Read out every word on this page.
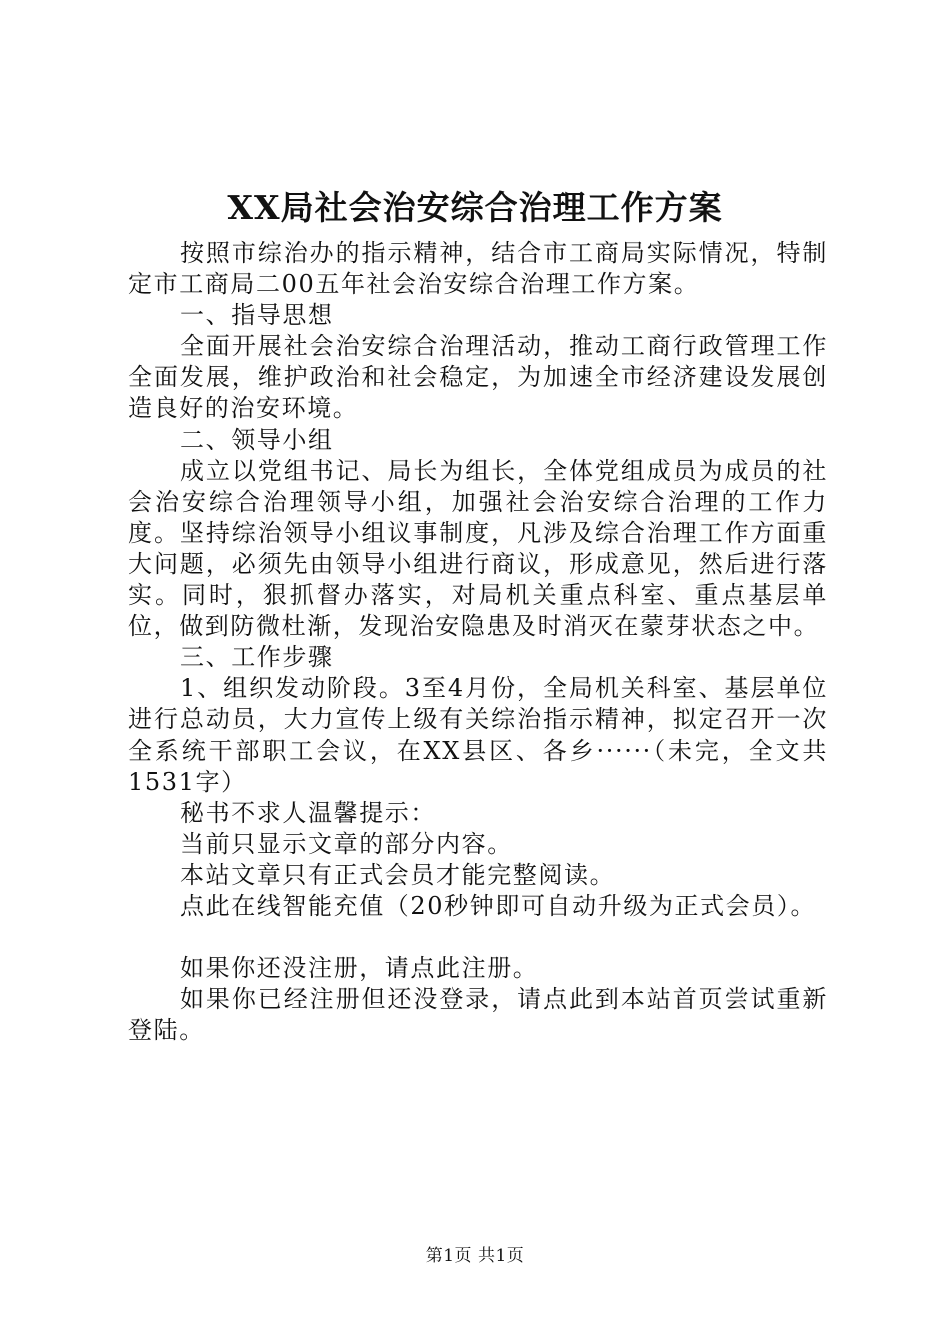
XX局社会治安综合治理工作方案

按照市综治办的指示精神，结合市工商局实际情况，特制定市工商局二00五年社会治安综合治理工作方案。

一、指导思想

全面开展社会治安综合治理活动，推动工商行政管理工作全面发展，维护政治和社会稳定，为加速全市经济建设发展创造良好的治安环境。

二、领导小组

成立以党组书记、局长为组长，全体党组成员为成员的社会治安综合治理领导小组，加强社会治安综合治理的工作力度。坚持综治领导小组议事制度，凡涉及综合治理工作方面重大问题，必须先由领导小组进行商议，形成意见，然后进行落实。同时，狠抓督办落实，对局机关重点科室、重点基层单位，做到防微杜渐，发现治安隐患及时消灭在蒙芽状态之中。

三、工作步骤

1、组织发动阶段。3至4月份，全局机关科室、基层单位进行总动员，大力宣传上级有关综治指示精神，拟定召开一次全系统干部职工会议，在XX县区、各乡······（未完，全文共1531字）

秘书不求人温馨提示：

当前只显示文章的部分内容。

本站文章只有正式会员才能完整阅读。

点此在线智能充值（20秒钟即可自动升级为正式会员）。

如果你还没注册，请点此注册。

如果你已经注册但还没登录，请点此到本站首页尝试重新登陆。

第1页 共1页
